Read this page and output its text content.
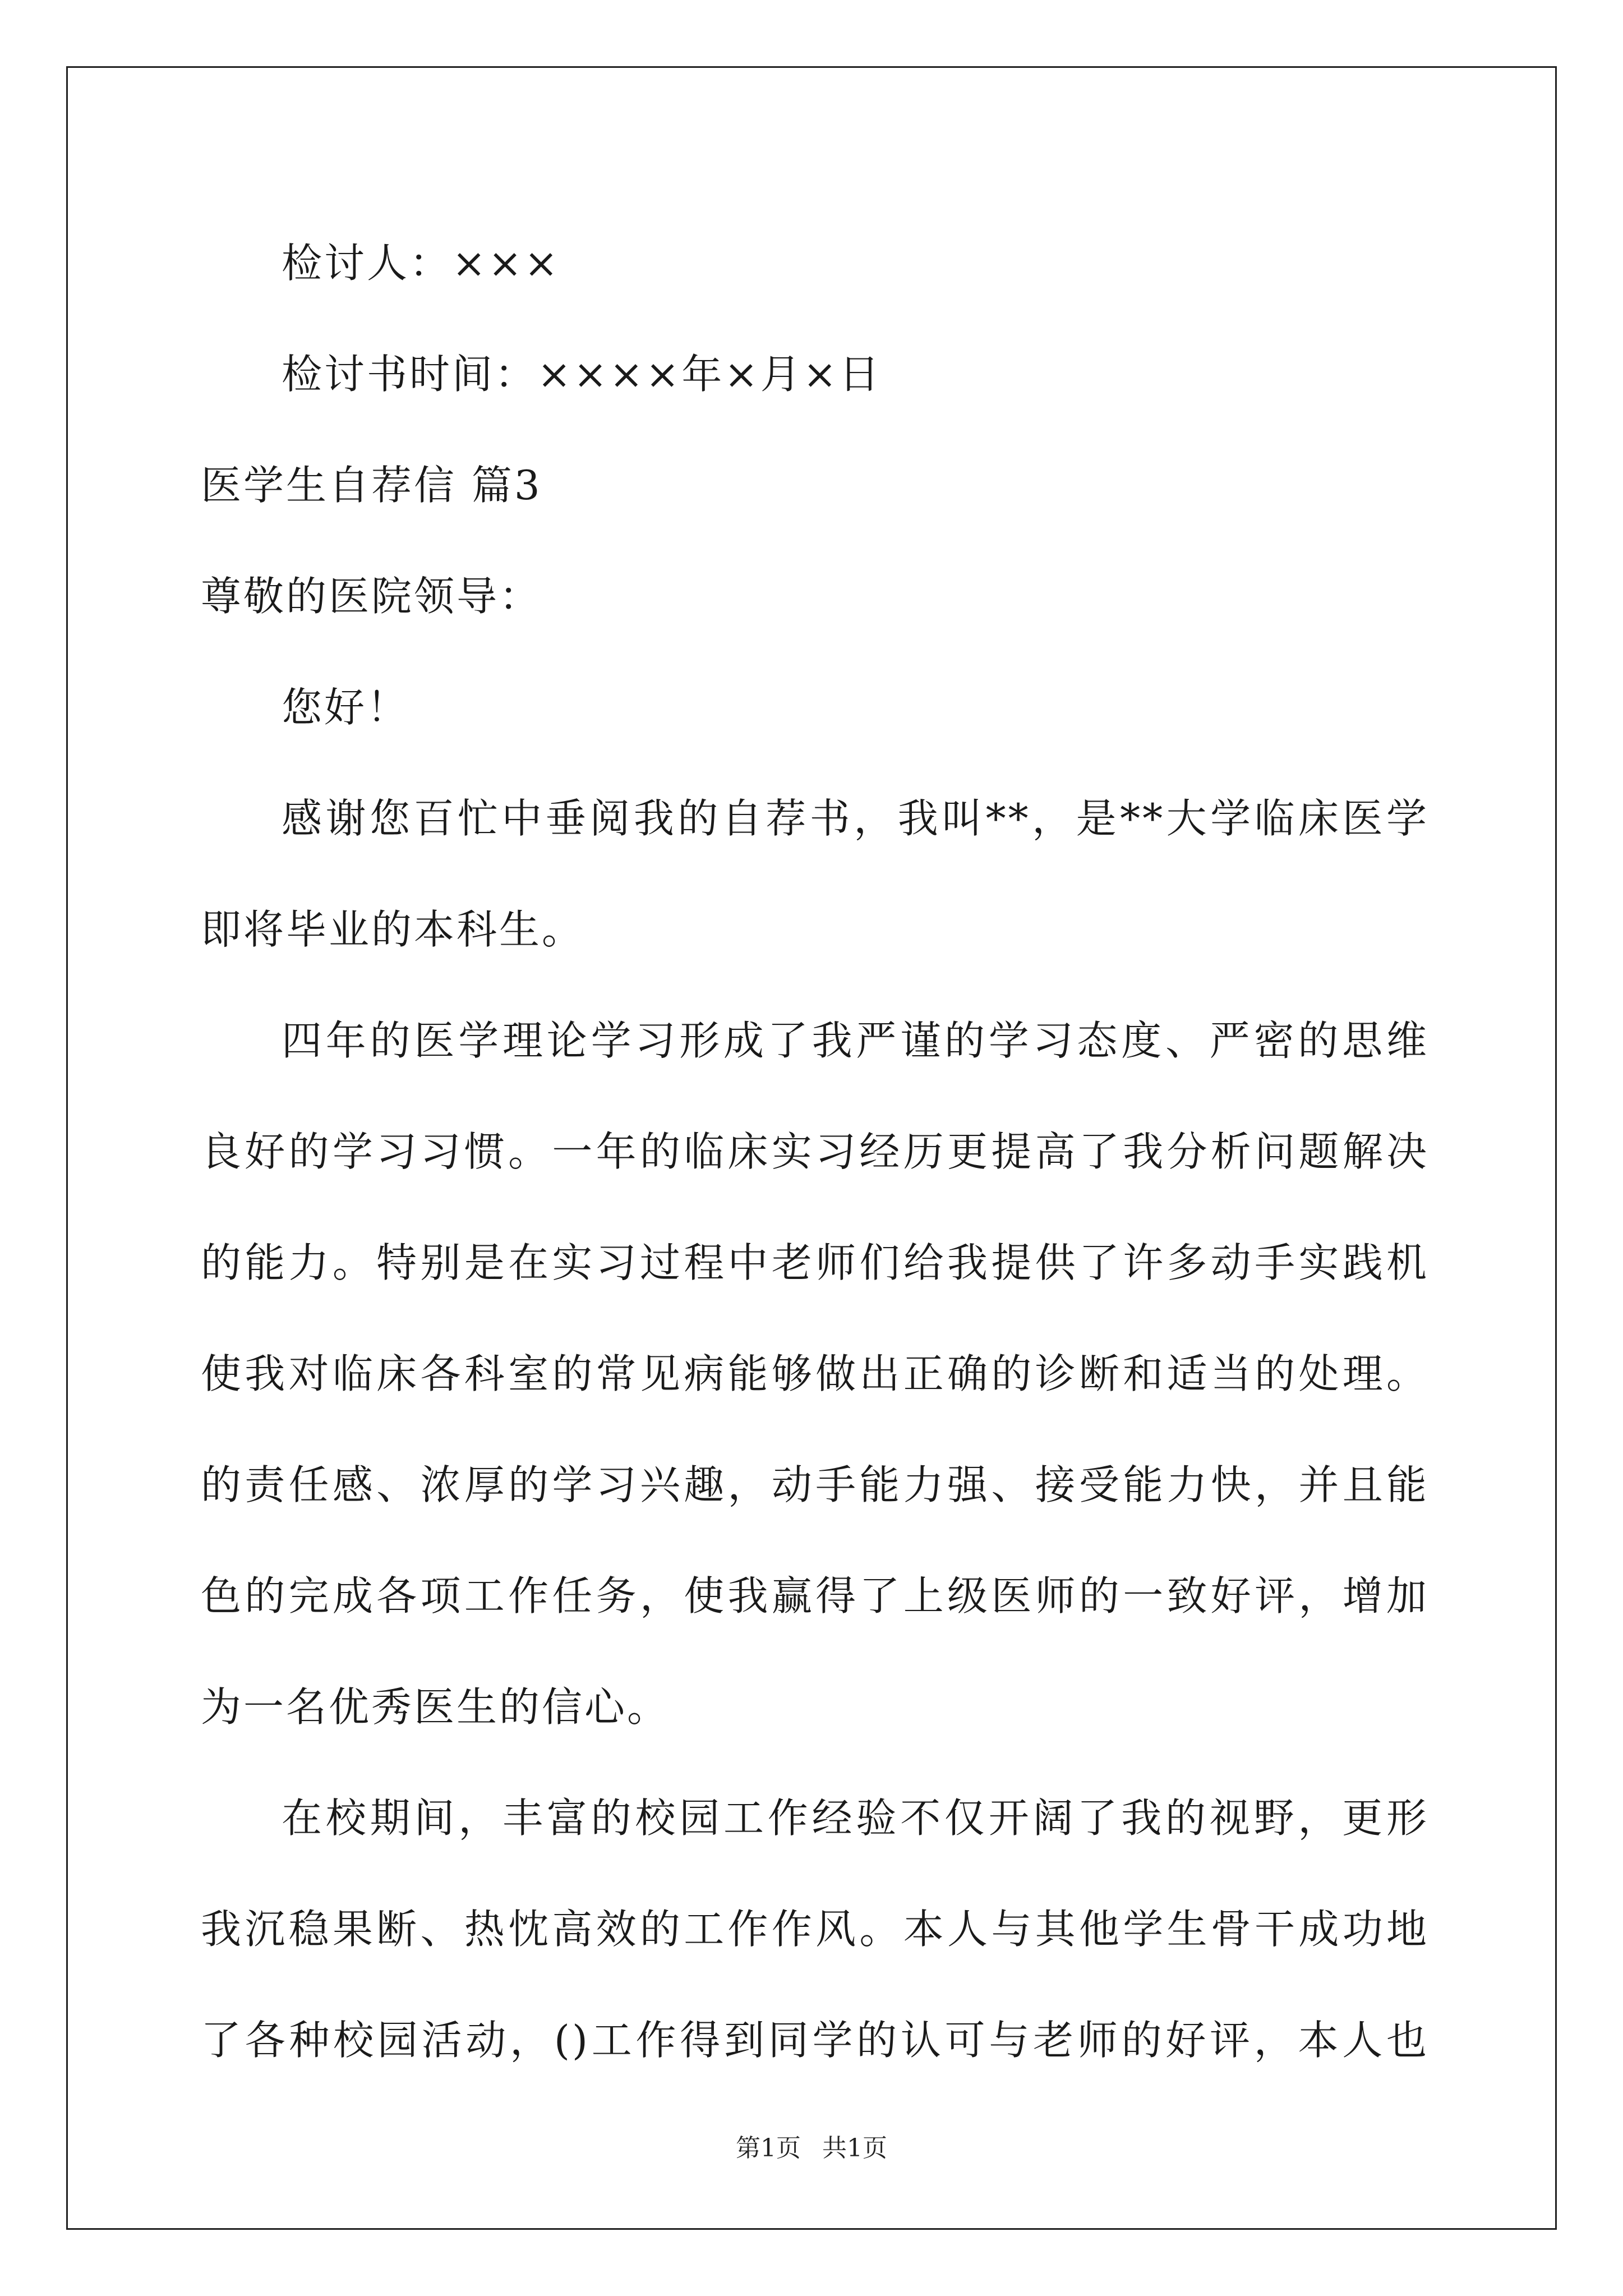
检讨人：×××
检讨书时间：××××年×月×日
医学生自荐信 篇3
尊敬的医院领导：
您好！
感谢您百忙中垂阅我的自荐书，我叫**，是**大学临床医学
即将毕业的本科生。
四年的医学理论学习形成了我严谨的学习态度、严密的思维
良好的学习习惯。一年的临床实习经历更提高了我分析问题解决
的能力。特别是在实习过程中老师们给我提供了许多动手实践机
使我对临床各科室的常见病能够做出正确的诊断和适当的处理。
的责任感、浓厚的学习兴趣，动手能力强、接受能力快，并且能
色的完成各项工作任务，使我赢得了上级医师的一致好评，增加
为一名优秀医生的信心。
在校期间，丰富的校园工作经验不仅开阔了我的视野，更形
我沉稳果断、热忱高效的工作作风。本人与其他学生骨干成功地
了各种校园活动，()工作得到同学的认可与老师的好评，本人也
第1页 共1页
